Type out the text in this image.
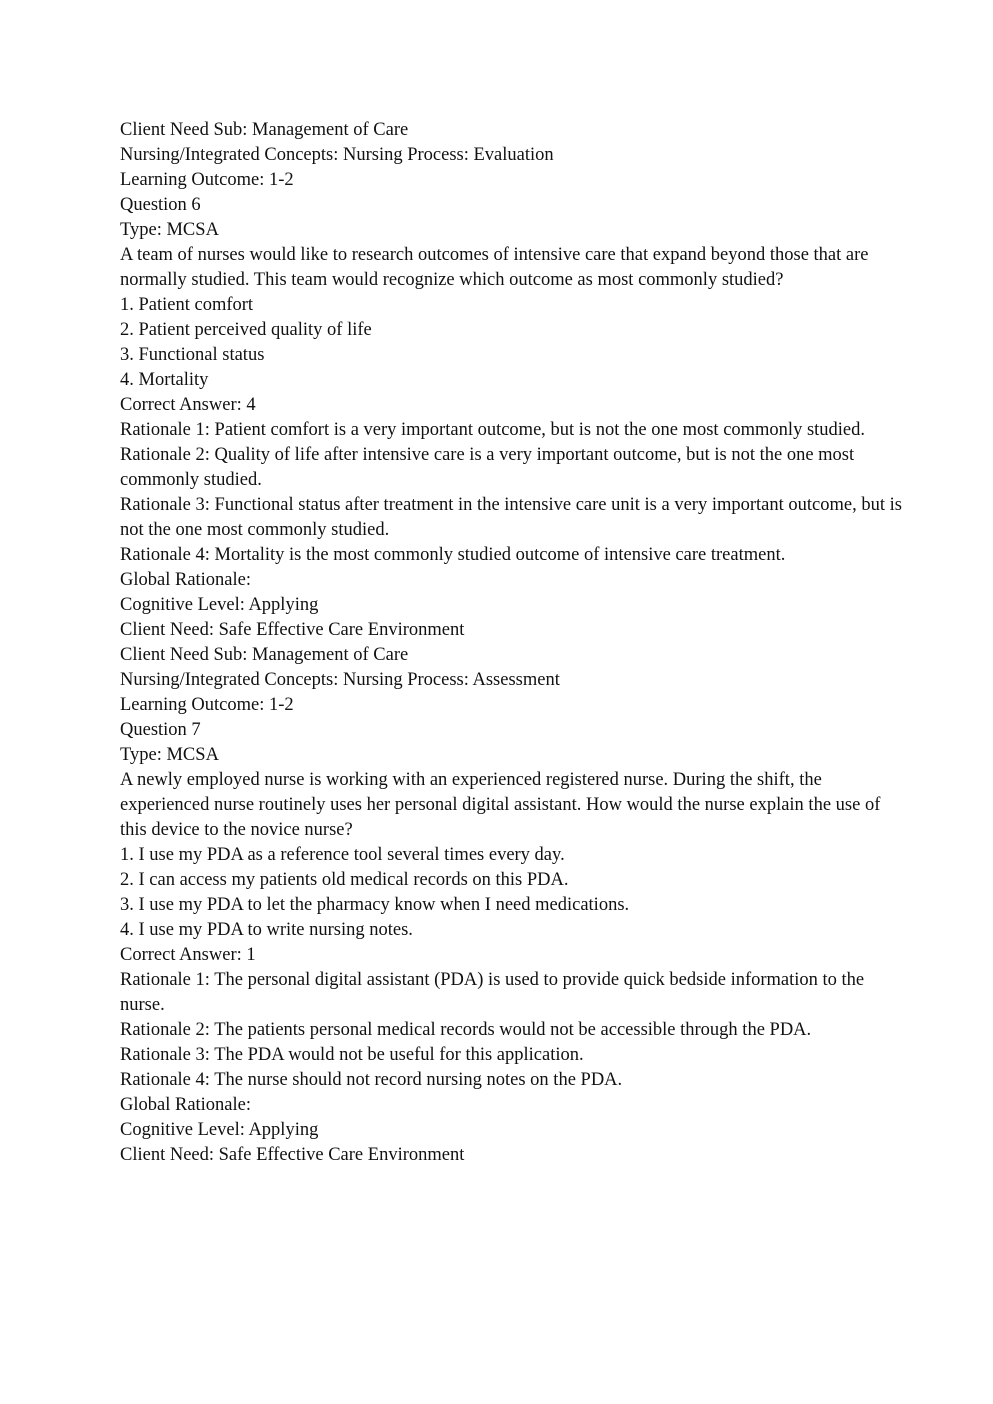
Client Need Sub: Management of Care

Nursing/Integrated Concepts: Nursing Process: Evaluation

Learning Outcome: 1-2

Question 6

Type: MCSA

A team of nurses would like to research outcomes of intensive care that expand beyond those that are normally studied. This team would recognize which outcome as most commonly studied?

1. Patient comfort

2. Patient perceived quality of life

3. Functional status

4. Mortality

Correct Answer: 4

Rationale 1: Patient comfort is a very important outcome, but is not the one most commonly studied.

Rationale 2: Quality of life after intensive care is a very important outcome, but is not the one most commonly studied.

Rationale 3: Functional status after treatment in the intensive care unit is a very important outcome, but is not the one most commonly studied.

Rationale 4: Mortality is the most commonly studied outcome of intensive care treatment.

Global Rationale:

Cognitive Level: Applying

Client Need: Safe Effective Care Environment

Client Need Sub: Management of Care

Nursing/Integrated Concepts: Nursing Process: Assessment

Learning Outcome: 1-2

Question 7

Type: MCSA

A newly employed nurse is working with an experienced registered nurse. During the shift, the experienced nurse routinely uses her personal digital assistant. How would the nurse explain the use of this device to the novice nurse?

1. I use my PDA as a reference tool several times every day.

2. I can access my patients old medical records on this PDA.

3. I use my PDA to let the pharmacy know when I need medications.

4. I use my PDA to write nursing notes.

Correct Answer: 1

Rationale 1: The personal digital assistant (PDA) is used to provide quick bedside information to the nurse.

Rationale 2: The patients personal medical records would not be accessible through the PDA.

Rationale 3: The PDA would not be useful for this application.

Rationale 4: The nurse should not record nursing notes on the PDA.

Global Rationale:

Cognitive Level: Applying

Client Need: Safe Effective Care Environment
